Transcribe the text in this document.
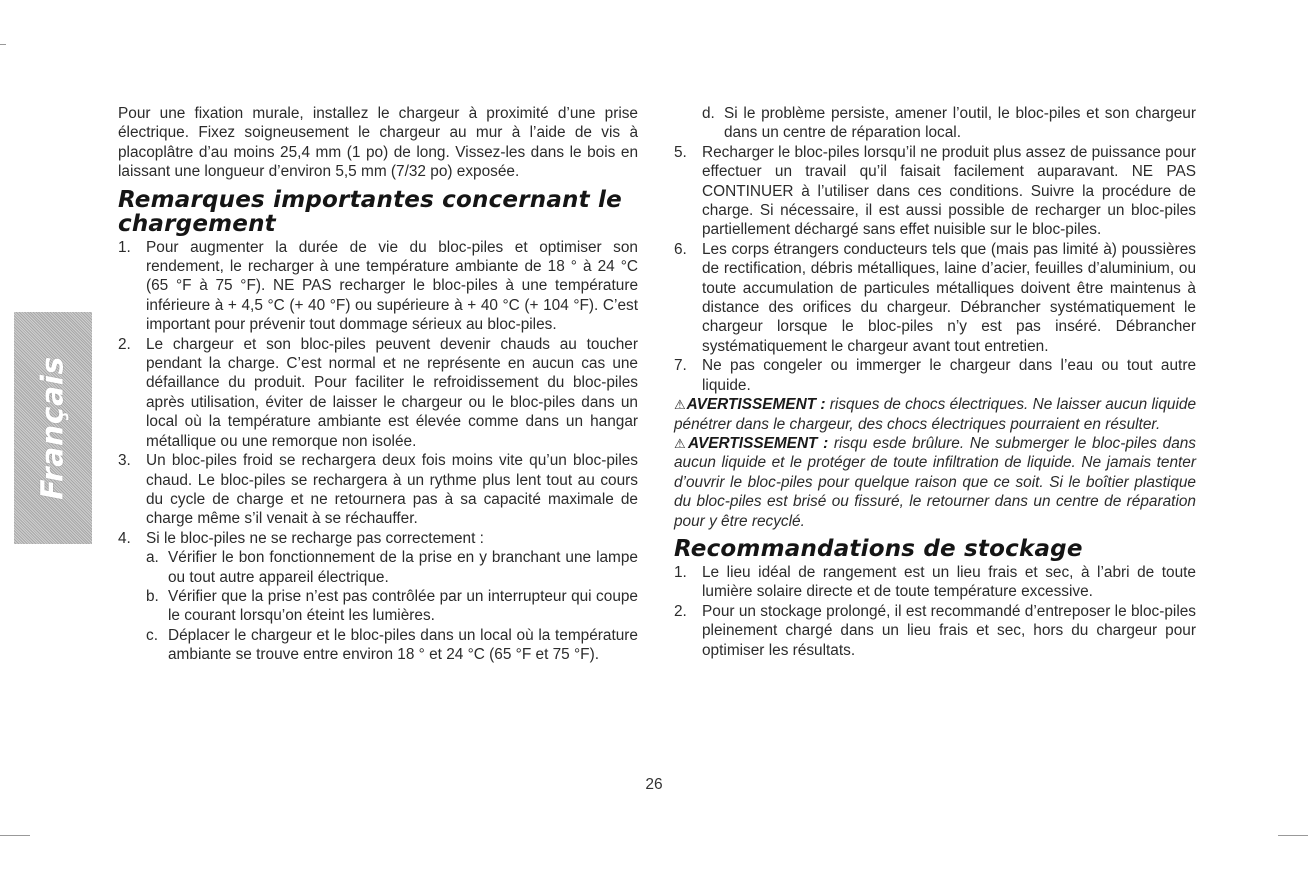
Français

Pour une fixation murale, installez le chargeur à proximité d’une prise électrique. Fixez soigneusement le chargeur au mur à l’aide de vis à placoplâtre d’au moins 25,4 mm (1 po) de long. Vissez-les dans le bois en laissant une longueur d’environ 5,5 mm (7/32 po) exposée.

Remarques importantes concernant le chargement
1. Pour augmenter la durée de vie du bloc-piles et optimiser son rendement, le recharger à une température ambiante de 18 ° à 24 °C (65 °F à 75 °F). NE PAS recharger le bloc-piles à une température inférieure à + 4,5 °C (+ 40 °F) ou supérieure à + 40 °C (+ 104 °F). C’est important pour prévenir tout dommage sérieux au bloc-piles.
2. Le chargeur et son bloc-piles peuvent devenir chauds au toucher pendant la charge. C’est normal et ne représente en aucun cas une défaillance du produit. Pour faciliter le refroidissement du bloc-piles après utilisation, éviter de laisser le chargeur ou le bloc-piles dans un local où la température ambiante est élevée comme dans un hangar métallique ou une remorque non isolée.
3. Un bloc-piles froid se rechargera deux fois moins vite qu’un bloc-piles chaud. Le bloc-piles se rechargera à un rythme plus lent tout au cours du cycle de charge et ne retournera pas à sa capacité maximale de charge même s’il venait à se réchauffer.
4. Si le bloc-piles ne se recharge pas correctement :
a. Vérifier le bon fonctionnement de la prise en y branchant une lampe ou tout autre appareil électrique.
b. Vérifier que la prise n’est pas contrôlée par un interrupteur qui coupe le courant lorsqu’on éteint les lumières.
c. Déplacer le chargeur et le bloc-piles dans un local où la température ambiante se trouve entre environ 18 ° et 24 °C (65 °F et 75 °F).
d. Si le problème persiste, amener l’outil, le bloc-piles et son chargeur dans un centre de réparation local.
5. Recharger le bloc-piles lorsqu’il ne produit plus assez de puissance pour effectuer un travail qu’il faisait facilement auparavant. NE PAS CONTINUER à l’utiliser dans ces conditions. Suivre la procédure de charge. Si nécessaire, il est aussi possible de recharger un bloc-piles partiellement déchargé sans effet nuisible sur le bloc-piles.
6. Les corps étrangers conducteurs tels que (mais pas limité à) poussières de rectification, débris métalliques, laine d’acier, feuilles d’aluminium, ou toute accumulation de particules métalliques doivent être maintenus à distance des orifices du chargeur. Débrancher systématiquement le chargeur lorsque le bloc-piles n’y est pas inséré. Débrancher systématiquement le chargeur avant tout entretien.
7. Ne pas congeler ou immerger le chargeur dans l’eau ou tout autre liquide.

⚠AVERTISSEMENT : risques de chocs électriques. Ne laisser aucun liquide pénétrer dans le chargeur, des chocs électriques pourraient en résulter.

⚠AVERTISSEMENT : risqu esde brûlure. Ne submerger le bloc-piles dans aucun liquide et le protéger de toute infiltration de liquide. Ne jamais tenter d’ouvrir le bloc-piles pour quelque raison que ce soit. Si le boîtier plastique du bloc-piles est brisé ou fissuré, le retourner dans un centre de réparation pour y être recyclé.

Recommandations de stockage
1. Le lieu idéal de rangement est un lieu frais et sec, à l’abri de toute lumière solaire directe et de toute température excessive.
2. Pour un stockage prolongé, il est recommandé d’entreposer le bloc-piles pleinement chargé dans un lieu frais et sec, hors du chargeur pour optimiser les résultats.
26
